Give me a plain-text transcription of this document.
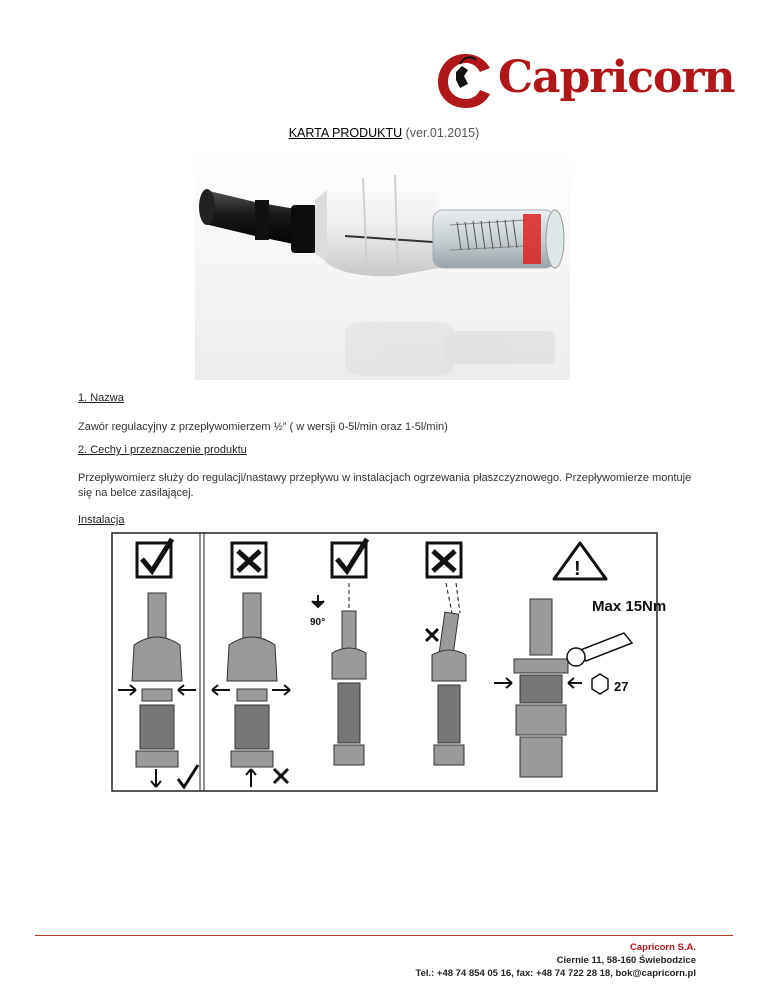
Capricorn
KARTA PRODUKTU (ver.01.2015)
1. Nazwa
Zawór regulacyjny z przepływomierzem ½” ( w wersji 0-5l/min oraz 1-5l/min)
2. Cechy i przeznaczenie produktu
Przepływomierz służy do regulacji/nastawy przepływu w instalacjach ogrzewania płaszczyznowego. Przepływomierze montuje się na belce zasilającej.
Instalacja
!
90°
Max 15Nm
27
Capricorn S.A.
Ciernie 11, 58-160 Świebodzice
Tel.: +48 74 854 05 16, fax: +48 74 722 28 18, bok@capricorn.pl
